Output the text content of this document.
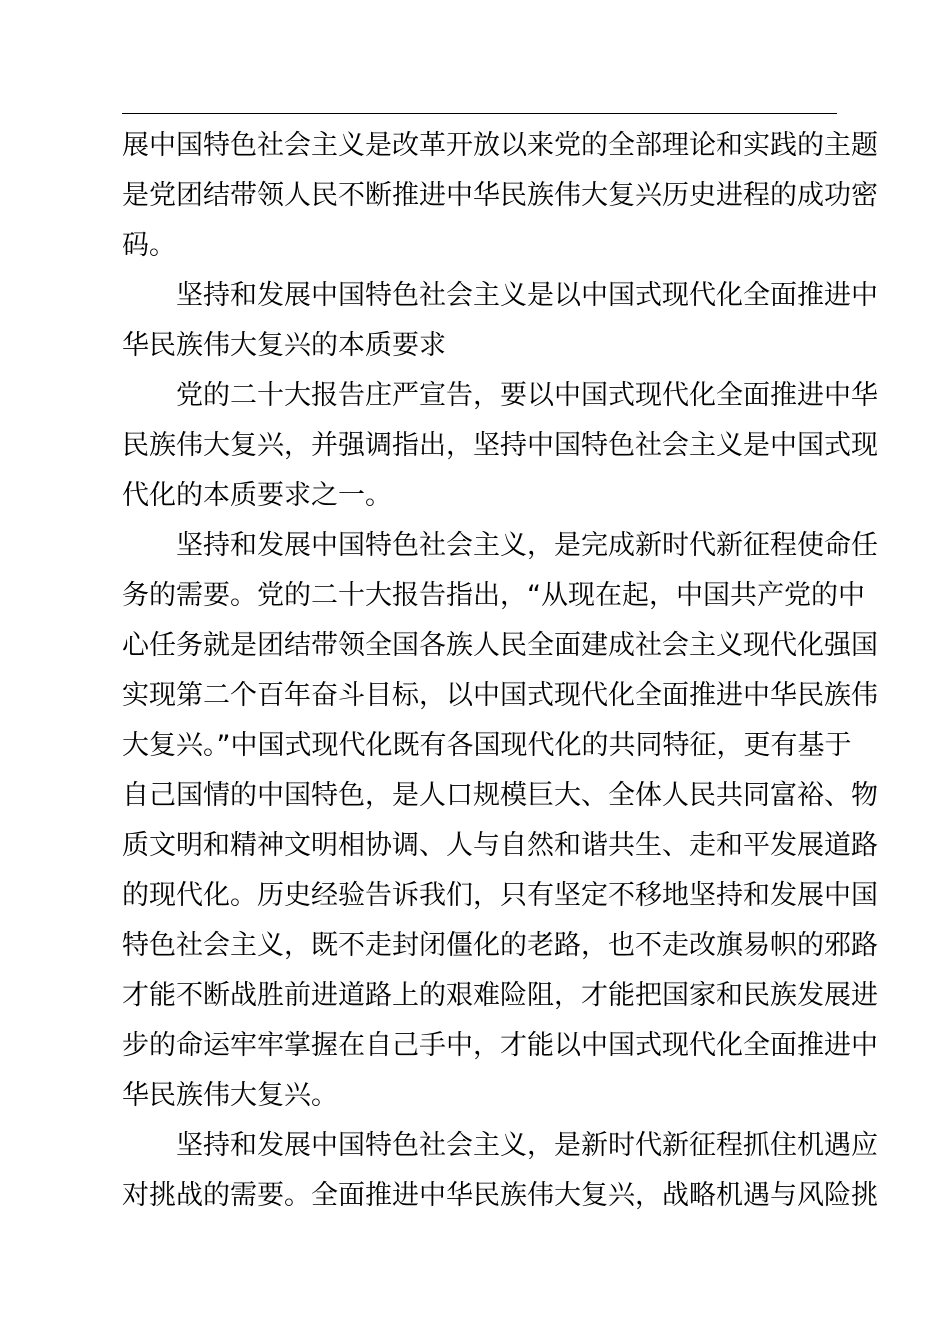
展中国特色社会主义是改革开放以来党的全部理论和实践的主题
是党团结带领人民不断推进中华民族伟大复兴历史进程的成功密
码。
坚持和发展中国特色社会主义是以中国式现代化全面推进中
华民族伟大复兴的本质要求
党的二十大报告庄严宣告，要以中国式现代化全面推进中华
民族伟大复兴，并强调指出，坚持中国特色社会主义是中国式现
代化的本质要求之一。
坚持和发展中国特色社会主义，是完成新时代新征程使命任
务的需要。党的二十大报告指出，“从现在起，中国共产党的中
心任务就是团结带领全国各族人民全面建成社会主义现代化强国
实现第二个百年奋斗目标，以中国式现代化全面推进中华民族伟
大复兴。”中国式现代化既有各国现代化的共同特征，更有基于
自己国情的中国特色，是人口规模巨大、全体人民共同富裕、物
质文明和精神文明相协调、人与自然和谐共生、走和平发展道路
的现代化。历史经验告诉我们，只有坚定不移地坚持和发展中国
特色社会主义，既不走封闭僵化的老路，也不走改旗易帜的邪路
才能不断战胜前进道路上的艰难险阻，才能把国家和民族发展进
步的命运牢牢掌握在自己手中，才能以中国式现代化全面推进中
华民族伟大复兴。
坚持和发展中国特色社会主义，是新时代新征程抓住机遇应
对挑战的需要。全面推进中华民族伟大复兴，战略机遇与风险挑
